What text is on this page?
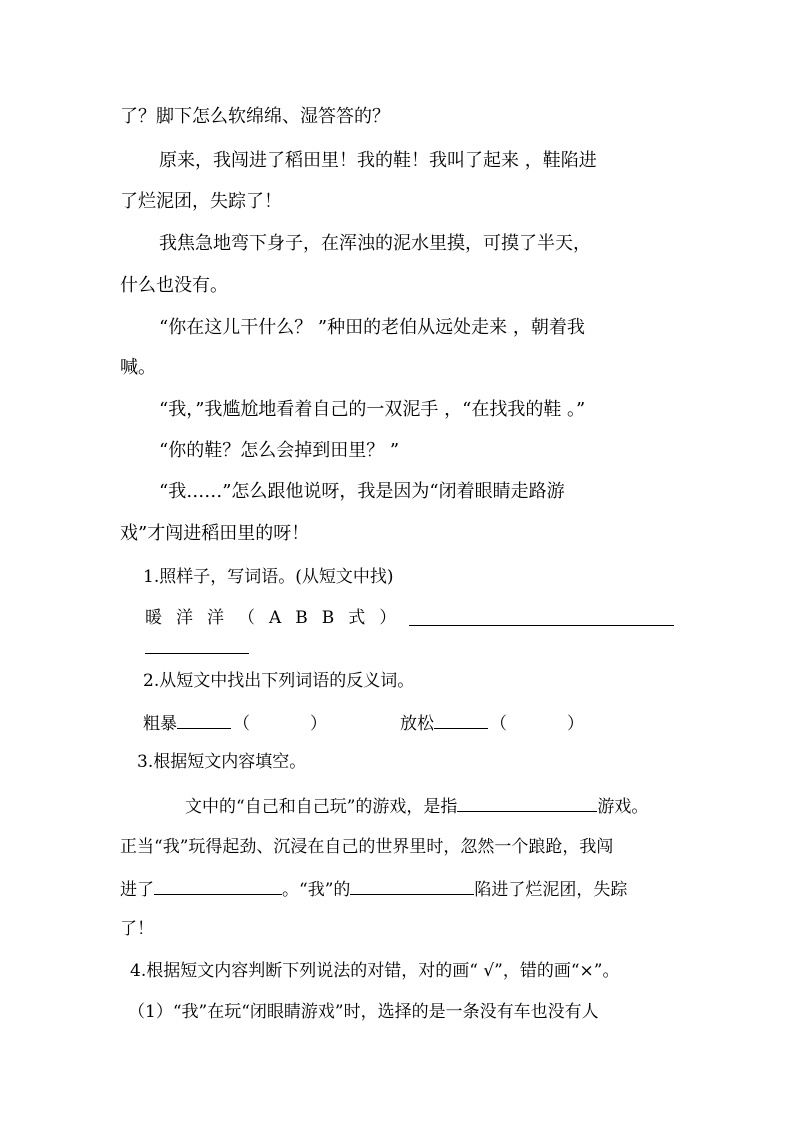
了？脚下怎么软绵绵、湿答答的？
原来，我闯进了稻田里！我的鞋！我叫了起来 ，鞋陷进
了烂泥团，失踪了！
我焦急地弯下身子，在浑浊的泥水里摸，可摸了半天，
什么也没有。
“你在这儿干什么？ ”种田的老伯从远处走来 ，朝着我
喊。
“我，”我尴尬地看着自己的一双泥手 ，“在找我的鞋 。”
“你的鞋？怎么会掉到田里？ ”
“我……”怎么跟他说呀，我是因为“闭着眼睛走路游
戏”才闯进稻田里的呀！
1.照样子，写词语。(从短文中找)
暖洋洋（ABB式）
2.从短文中找出下列词语的反义词。
粗暴	（	）	放松	（	）
3.根据短文内容填空。
文中的“自己和自己玩”的游戏，是指	游戏。
正当“我”玩得起劲、沉浸在自己的世界里时，忽然一个踉跄，我闯
进了	。“我”的	陷进了烂泥团，失踪
了！
4.根据短文内容判断下列说法的对错，对的画“ √”，错的画“×”。
（1）“我”在玩“闭眼睛游戏”时，选择的是一条没有车也没有人
